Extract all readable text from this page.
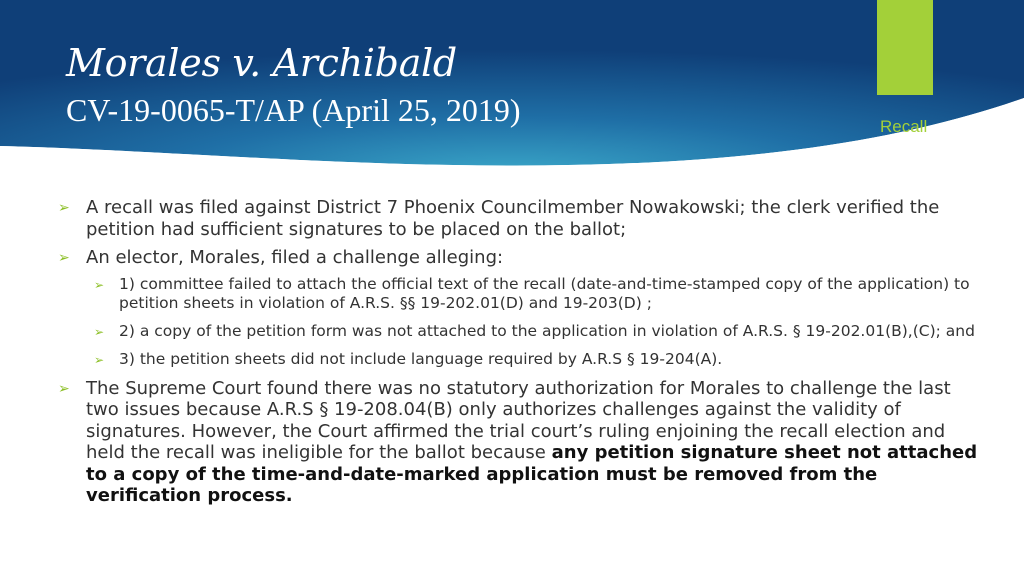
Morales v. Archibald
CV-19-0065-T/AP (April 25, 2019)	Recall
➢ A recall was filed against District 7 Phoenix Councilmember Nowakowski; the clerk verified the petition had sufficient signatures to be placed on the ballot;
➢ An elector, Morales, filed a challenge alleging:
➢ 1) committee failed to attach the official text of the recall (date-and-time-stamped copy of the application) to petition sheets in violation of A.R.S. §§ 19-202.01(D) and 19-203(D) ;
➢ 2) a copy of the petition form was not attached to the application in violation of A.R.S. § 19-202.01(B),(C); and
➢ 3) the petition sheets did not include language required by A.R.S § 19-204(A).
➢ The Supreme Court found there was no statutory authorization for Morales to challenge the last two issues because A.R.S § 19-208.04(B) only authorizes challenges against the validity of signatures. However, the Court affirmed the trial court’s ruling enjoining the recall election and held the recall was ineligible for the ballot because any petition signature sheet not attached to a copy of the time-and-date-marked application must be removed from the verification process.
